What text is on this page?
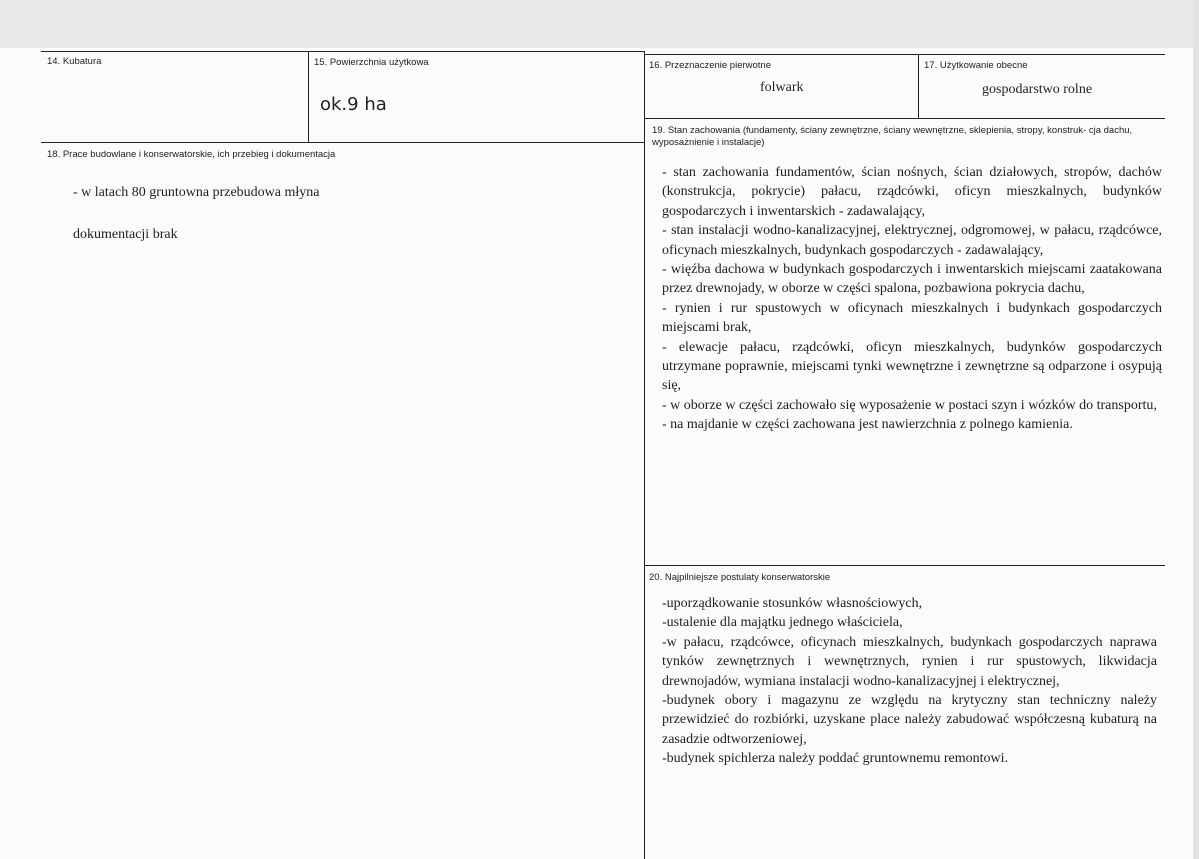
14. Kubatura	15. Powierzchnia użytkowa
ok.9 ha
16. Przeznaczenie pierwotne
folwark
17. Użytkowanie obecne
gospodarstwo rolne
18. Prace budowlane i konserwatorskie, ich przebieg i dokumentacja
- w latach 80 gruntowna przebudowa młyna
dokumentacji brak
19. Stan zachowania (fundamenty, ściany zewnętrzne, ściany wewnętrzne, sklepienia, stropy, konstruk- cja dachu, wyposażnienie i instalacje)
- stan zachowania fundamentów, ścian nośnych, ścian działowych, stropów, dachów (konstrukcja, pokrycie) pałacu, rządcówki, oficyn mieszkalnych, budynków gospodarczych i inwentarskich - zadawalający,
- stan instalacji wodno-kanalizacyjnej, elektrycznej, odgromowej, w pałacu, rządcówce, oficynach mieszkalnych, budynkach gospodarczych - zadawalający,
- więźba dachowa w budynkach gospodarczych i inwentarskich miejscami zaatakowana przez drewnojady, w oborze w części spalona, pozbawiona pokrycia dachu,
- rynien i rur spustowych w oficynach mieszkalnych i budynkach gospodarczych miejscami brak,
- elewacje pałacu, rządcówki, oficyn mieszkalnych, budynków gospodarczych utrzymane poprawnie, miejscami tynki wewnętrzne i zewnętrzne są odparzone i osypują się,
- w oborze w części zachowało się wyposażenie w postaci szyn i wózków do transportu,
- na majdanie w części zachowana jest nawierzchnia z polnego kamienia.
20. Najpilniejsze postulaty konserwatorskie
-uporządkowanie stosunków własnościowych,
-ustalenie dla majątku jednego właściciela,
-w pałacu, rządcówce, oficynach mieszkalnych, budynkach gospodarczych naprawa tynków zewnętrznych i wewnętrznych, rynien i rur spustowych, likwidacja drewnojadów, wymiana instalacji wodno-kanalizacyjnej i elektrycznej,
-budynek obory i magazynu ze względu na krytyczny stan techniczny należy przewidzieć do rozbiórki, uzyskane place należy zabudować współczesną kubaturą na zasadzie odtworzeniowej,
-budynek spichlerza należy poddać gruntownemu remontowi.
